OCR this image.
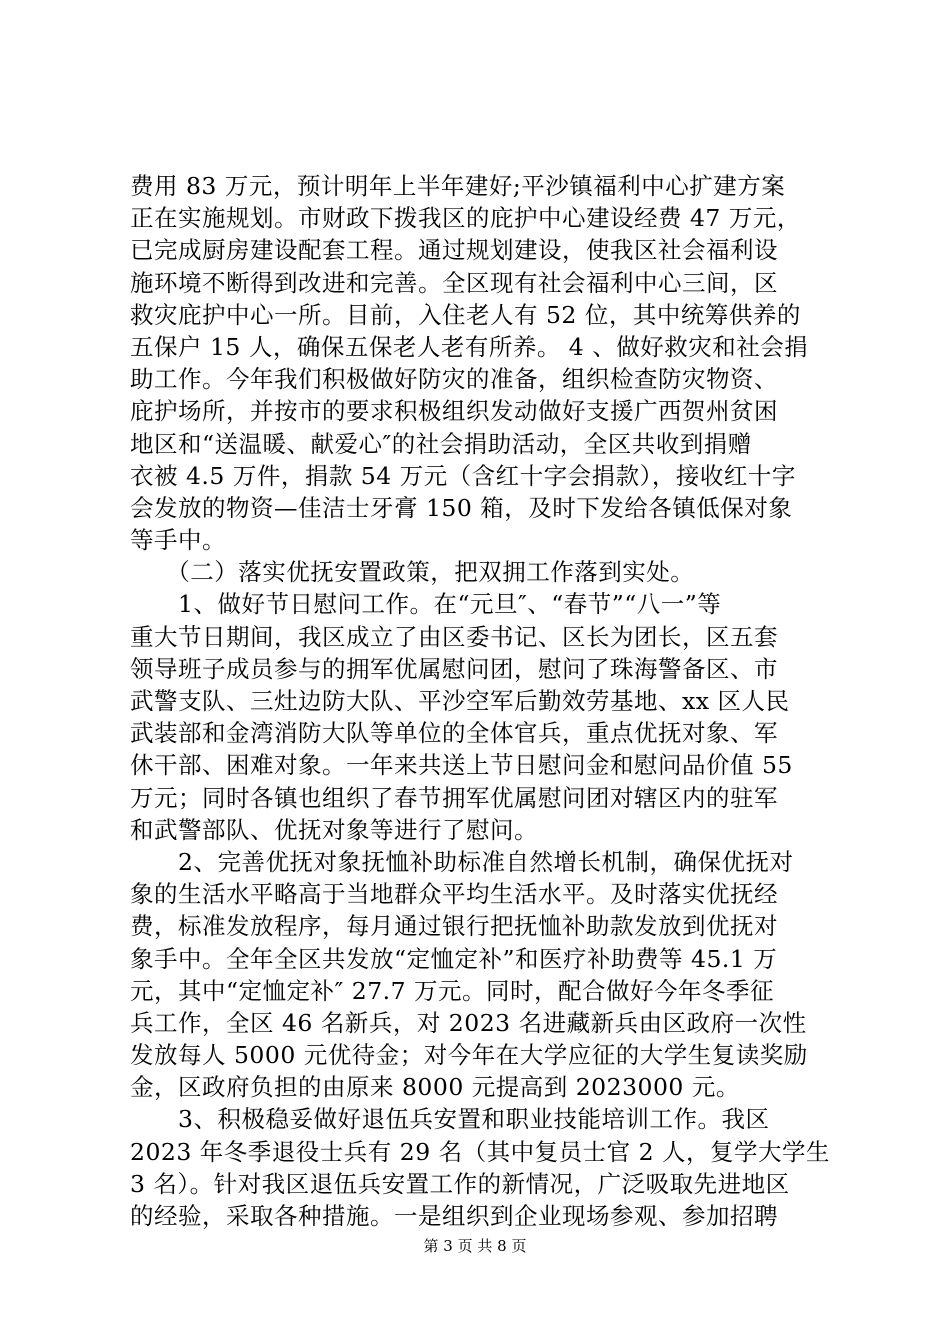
费用 83 万元，预计明年上半年建好;平沙镇福利中心扩建方案
正在实施规划。市财政下拨我区的庇护中心建设经费 47 万元，
已完成厨房建设配套工程。通过规划建设，使我区社会福利设
施环境不断得到改进和完善。全区现有社会福利中心三间，区
救灾庇护中心一所。目前，入住老人有 52 位，其中统筹供养的
五保户 15 人，确保五保老人老有所养。 4 、做好救灾和社会捐
助工作。今年我们积极做好防灾的准备，组织检查防灾物资、
庇护场所，并按市的要求积极组织发动做好支援广西贺州贫困
地区和“送温暖、献爱心″的社会捐助活动，全区共收到捐赠
衣被 4.5 万件，捐款 54 万元（含红十字会捐款），接收红十字
会发放的物资—佳洁士牙膏 150 箱，及时下发给各镇低保对象
等手中。
　　（二）落实优抚安置政策，把双拥工作落到实处。
　　1、做好节日慰问工作。在“元旦″、“春节”“八一”等
重大节日期间，我区成立了由区委书记、区长为团长，区五套
领导班子成员参与的拥军优属慰问团，慰问了珠海警备区、市
武警支队、三灶边防大队、平沙空军后勤效劳基地、xx 区人民
武装部和金湾消防大队等单位的全体官兵，重点优抚对象、军
休干部、困难对象。一年来共送上节日慰问金和慰问品价值 55
万元；同时各镇也组织了春节拥军优属慰问团对辖区内的驻军
和武警部队、优抚对象等进行了慰问。
　　2、完善优抚对象抚恤补助标准自然增长机制，确保优抚对
象的生活水平略高于当地群众平均生活水平。及时落实优抚经
费，标准发放程序，每月通过银行把抚恤补助款发放到优抚对
象手中。全年全区共发放“定恤定补”和医疗补助费等 45.1 万
元，其中“定恤定补″ 27.7 万元。同时，配合做好今年冬季征
兵工作，全区 46 名新兵，对 2023 名进藏新兵由区政府一次性
发放每人 5000 元优待金；对今年在大学应征的大学生复读奖励
金，区政府负担的由原来 8000 元提高到 2023000 元。
　　3、积极稳妥做好退伍兵安置和职业技能培训工作。我区
2023 年冬季退役士兵有 29 名（其中复员士官 2 人，复学大学生
3 名）。针对我区退伍兵安置工作的新情况，广泛吸取先进地区
的经验，采取各种措施。一是组织到企业现场参观、参加招聘
第 3 页 共 8 页
